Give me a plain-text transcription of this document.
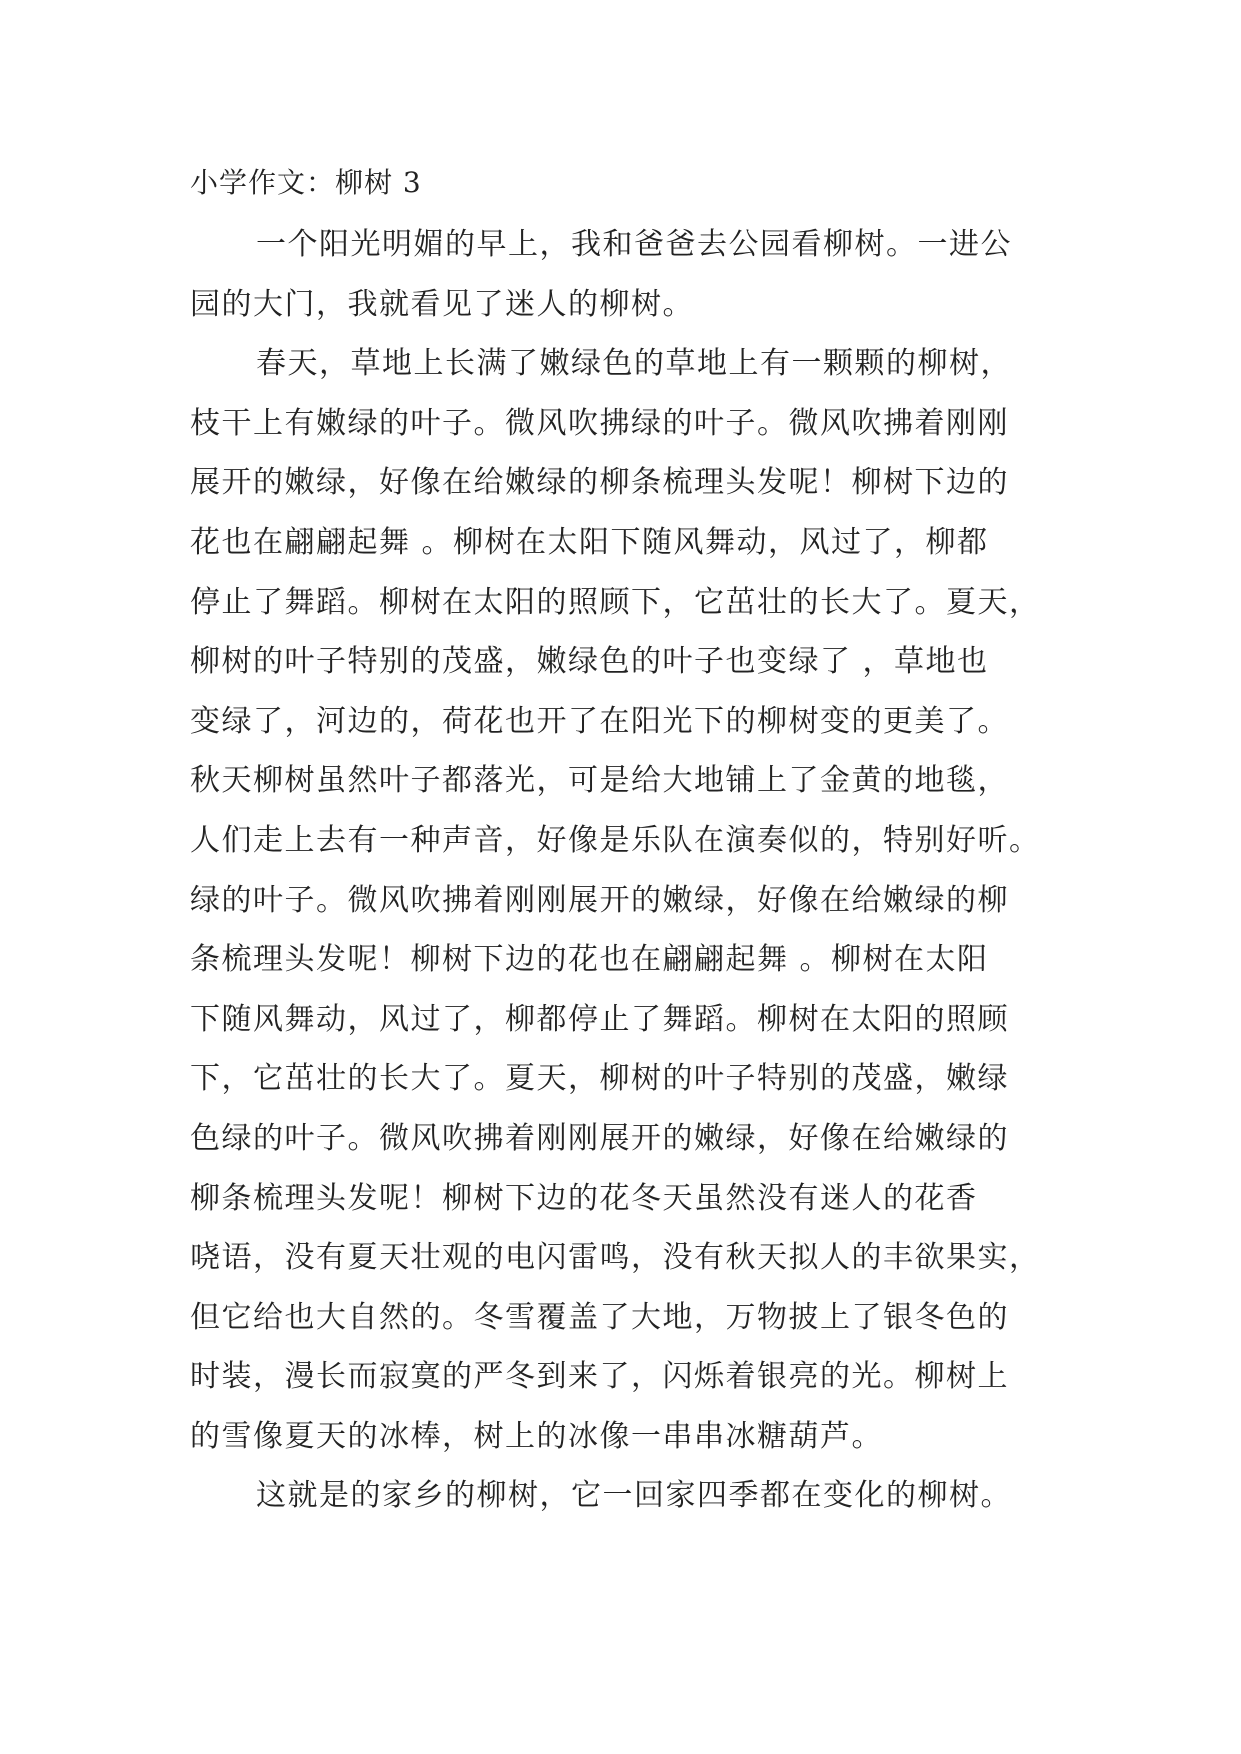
小学作文：柳树 3
一个阳光明媚的早上，我和爸爸去公园看柳树。一进公
园的大门，我就看见了迷人的柳树。
春天，草地上长满了嫩绿色的草地上有一颗颗的柳树，
枝干上有嫩绿的叶子。微风吹拂绿的叶子。微风吹拂着刚刚
展开的嫩绿，好像在给嫩绿的柳条梳理头发呢！柳树下边的
花也在翩翩起舞 。柳树在太阳下随风舞动，风过了，柳都
停止了舞蹈。柳树在太阳的照顾下，它茁壮的长大了。夏天，
柳树的叶子特别的茂盛，嫩绿色的叶子也变绿了 ，草地也
变绿了，河边的，荷花也开了在阳光下的柳树变的更美了。
秋天柳树虽然叶子都落光，可是给大地铺上了金黄的地毯，
人们走上去有一种声音，好像是乐队在演奏似的，特别好听。
绿的叶子。微风吹拂着刚刚展开的嫩绿，好像在给嫩绿的柳
条梳理头发呢！柳树下边的花也在翩翩起舞 。柳树在太阳
下随风舞动，风过了，柳都停止了舞蹈。柳树在太阳的照顾
下，它茁壮的长大了。夏天，柳树的叶子特别的茂盛，嫩绿
色绿的叶子。微风吹拂着刚刚展开的嫩绿，好像在给嫩绿的
柳条梳理头发呢！柳树下边的花冬天虽然没有迷人的花香
哓语，没有夏天壮观的电闪雷鸣，没有秋天拟人的丰欲果实，
但它给也大自然的。冬雪覆盖了大地，万物披上了银冬色的
时装，漫长而寂寞的严冬到来了，闪烁着银亮的光。柳树上
的雪像夏天的冰棒，树上的冰像一串串冰糖葫芦。
这就是的家乡的柳树，它一回家四季都在变化的柳树。
